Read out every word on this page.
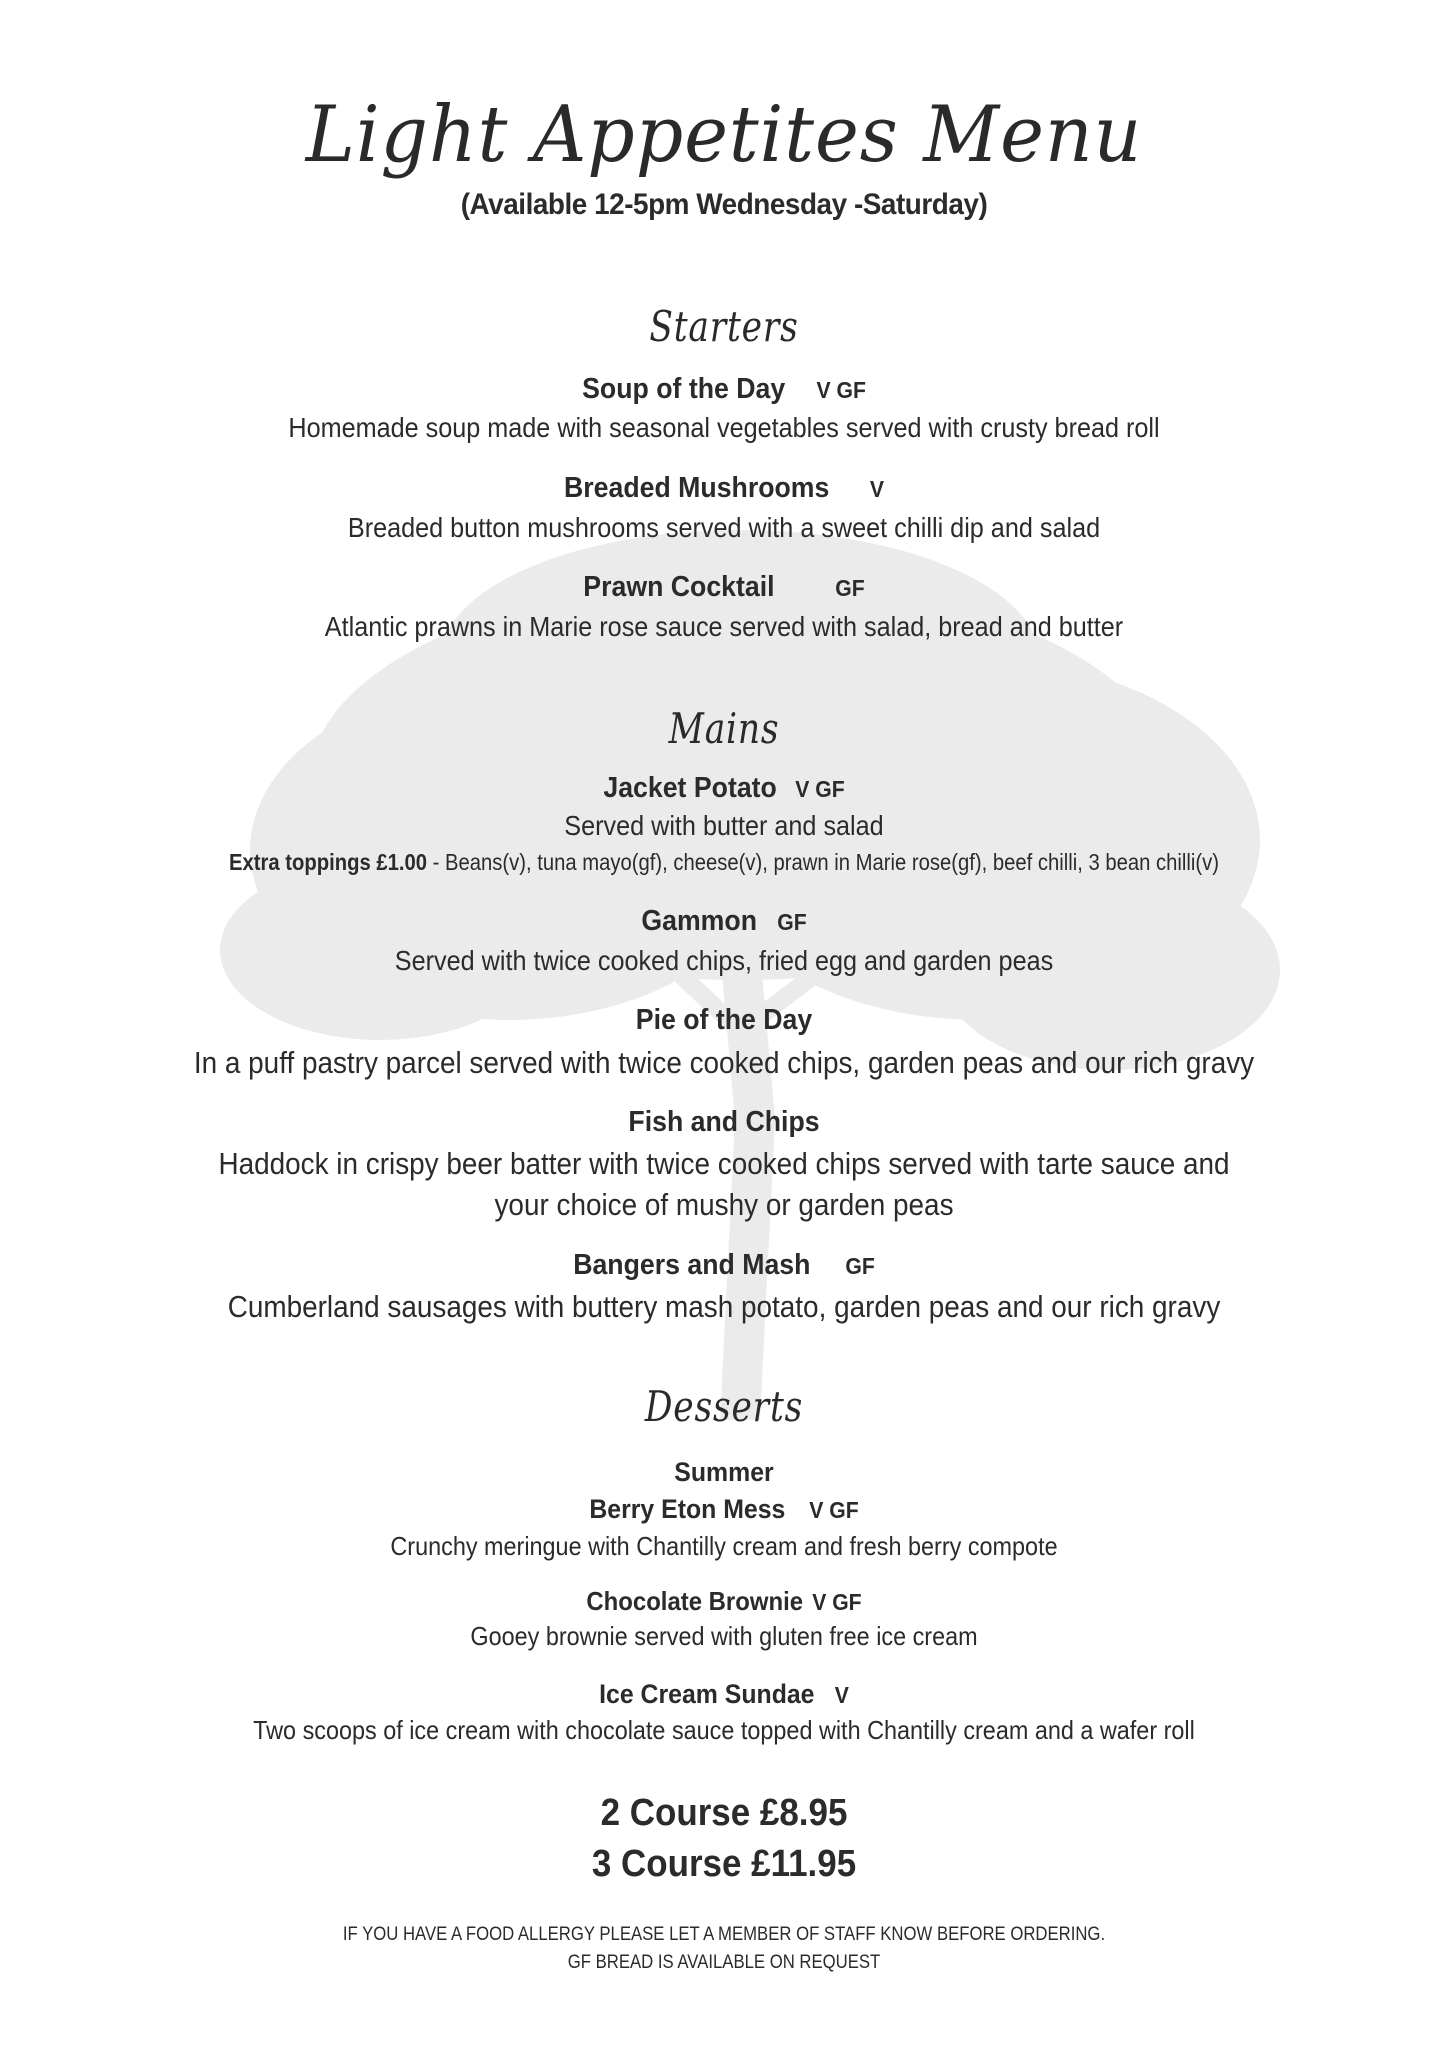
Light Appetites Menu
(Available 12-5pm Wednesday -Saturday)
Starters
Soup of the Day V GF
Homemade soup made with seasonal vegetables served with crusty bread roll
Breaded Mushrooms V
Breaded button mushrooms served with a sweet chilli dip and salad
Prawn Cocktail	GF
Atlantic prawns in Marie rose sauce served with salad, bread and butter
Mains
Jacket Potato V GF
Served with butter and salad
Extra toppings £1.00 - Beans(v), tuna mayo(gf), cheese(v), prawn in Marie rose(gf), beef chilli, 3 bean chilli(v)
Gammon GF
Served with twice cooked chips, fried egg and garden peas
Pie of the Day
In a puff pastry parcel served with twice cooked chips, garden peas and our rich gravy
Fish and Chips
Haddock in crispy beer batter with twice cooked chips served with tarte sauce and
your choice of mushy or garden peas
Bangers and Mash GF
Cumberland sausages with buttery mash potato, garden peas and our rich gravy
Desserts
Summer
Berry Eton Mess V GF
Crunchy meringue with Chantilly cream and fresh berry compote
Chocolate Brownie V GF
Gooey brownie served with gluten free ice cream
Ice Cream Sundae V
Two scoops of ice cream with chocolate sauce topped with Chantilly cream and a wafer roll
2 Course £8.95
3 Course £11.95
IF YOU HAVE A FOOD ALLERGY PLEASE LET A MEMBER OF STAFF KNOW BEFORE ORDERING.
GF BREAD IS AVAILABLE ON REQUEST
